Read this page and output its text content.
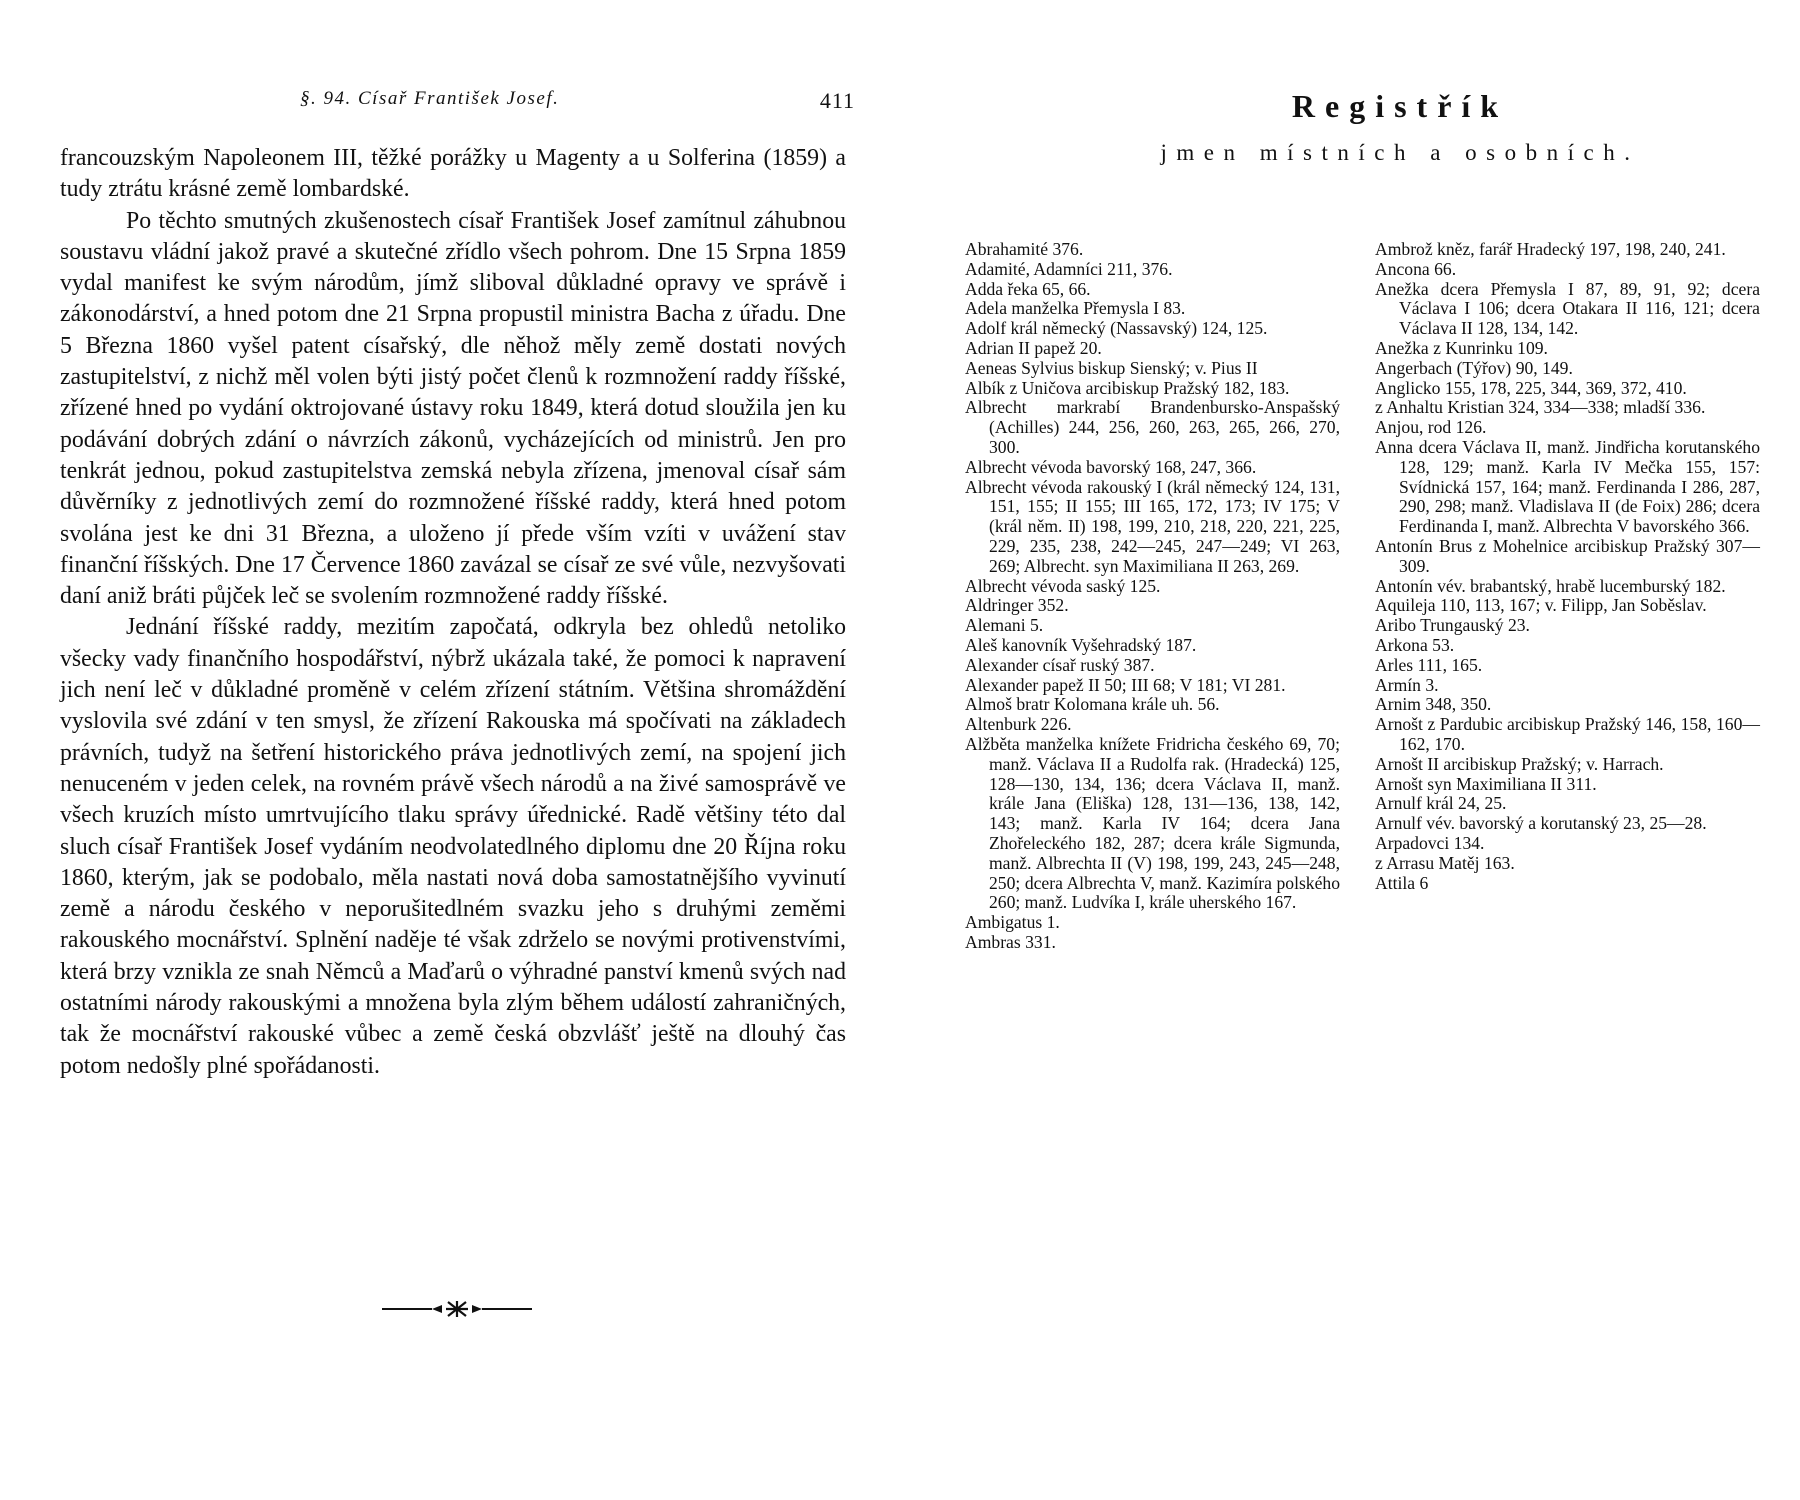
§. 94. Císař František Josef.	411

francouzským Napoleonem III, těžké porážky u Magenty a u Solferina (1859) a tudy ztrátu krásné země lombardské.

Po těchto smutných zkušenostech císař František Josef zamítnul záhubnou soustavu vládní jakož pravé a skutečné zřídlo všech pohrom. Dne 15 Srpna 1859 vydal manifest ke svým národům, jímž sliboval důkladné opravy ve správě i zákonodárství, a hned potom dne 21 Srpna propustil ministra Bacha z úřadu. Dne 5 Března 1860 vyšel patent císařský, dle něhož měly země dostati nových zastupitelství, z nichž měl volen býti jistý počet členů k rozmnožení raddy říšské, zřízené hned po vydání oktrojované ústavy roku 1849, která dotud sloužila jen ku podávání dobrých zdání o návrzích zákonů, vycházejících od ministrů. Jen pro tenkrát jednou, pokud zastupitelstva zemská nebyla zřízena, jmenoval císař sám důvěrníky z jednotlivých zemí do rozmnožené říšské raddy, která hned potom svolána jest ke dni 31 Března, a uloženo jí přede vším vzíti v uvážení stav finanční říšských. Dne 17 Července 1860 zavázal se císař ze své vůle, nezvyšovati daní aniž bráti půjček leč se svolením rozmnožené raddy říšské.

Jednání říšské raddy, mezitím započatá, odkryla bez ohledů netoliko všecky vady finančního hospodářství, nýbrž ukázala také, že pomoci k napravení jich není leč v důkladné proměně v celém zřízení státním. Většina shromáždění vyslovila své zdání v ten smysl, že zřízení Rakouska má spočívati na základech právních, tudyž na šetření historického práva jednotlivých zemí, na spojení jich nenuceném v jeden celek, na rovném právě všech národů a na živé samosprávě ve všech kruzích místo umrtvujícího tlaku správy úřednické. Radě většiny této dal sluch císař František Josef vydáním neodvolatedlného diplomu dne 20 Října roku 1860, kterým, jak se podobalo, měla nastati nová doba samostatnějšího vyvinutí země a národu českého v neporušitedlném svazku jeho s druhými zeměmi rakouského mocnářství. Splnění naděje té však zdrželo se novými protivenstvími, která brzy vznikla ze snah Němců a Maďarů o výhradné panství kmenů svých nad ostatními národy rakouskými a množena byla zlým během událostí zahraničných, tak že mocnářství rakouské vůbec a země česká obzvlášť ještě na dlouhý čas potom nedošly plné spořádanosti.

Registřík
jmen místních a osobních.
Abrahamité 376.
Adamité, Adamníci 211, 376.
Adda řeka 65, 66.
Adela manželka Přemysla I 83.
Adolf král německý (Nassavský) 124, 125.
Adrian II papež 20.
Aeneas Sylvius biskup Sienský; v. Pius II
Albík z Uničova arcibiskup Pražský 182, 183.
Albrecht markrabí Brandenbursko-Anspašský (Achilles) 244, 256, 260, 263, 265, 266, 270, 300.
Albrecht vévoda bavorský 168, 247, 366.
Albrecht vévoda rakouský I (král německý 124, 131, 151, 155; II 155; III 165, 172, 173; IV 175; V (král něm. II) 198, 199, 210, 218, 220, 221, 225, 229, 235, 238, 242—245, 247—249; VI 263, 269; Albrecht. syn Maximiliana II 263, 269.
Albrecht vévoda saský 125.
Aldringer 352.
Alemani 5.
Aleš kanovník Vyšehradský 187.
Alexander císař ruský 387.
Alexander papež II 50; III 68; V 181; VI 281.
Almoš bratr Kolomana krále uh. 56.
Altenburk 226.
Alžběta manželka knížete Fridricha českého 69, 70; manž. Václava II a Rudolfa rak. (Hradecká) 125, 128—130, 134, 136; dcera Václava II, manž. krále Jana (Eliška) 128, 131—136, 138, 142, 143; manž. Karla IV 164; dcera Jana Zhořeleckého 182, 287; dcera krále Sigmunda, manž. Albrechta II (V) 198, 199, 243, 245—248, 250; dcera Albrechta V, manž. Kazimíra polského 260; manž. Ludvíka I, krále uherského 167.
Ambigatus 1.
Ambras 331.
Ambrož kněz, farář Hradecký 197, 198, 240, 241.
Ancona 66.
Anežka dcera Přemysla I 87, 89, 91, 92; dcera Václava I 106; dcera Otakara II 116, 121; dcera Václava II 128, 134, 142.
Anežka z Kunrinku 109.
Angerbach (Týřov) 90, 149.
Anglicko 155, 178, 225, 344, 369, 372, 410.
z Anhaltu Kristian 324, 334—338; mladší 336.
Anjou, rod 126.
Anna dcera Václava II, manž. Jindřicha korutanského 128, 129; manž. Karla IV Mečka 155, 157: Svídnická 157, 164; manž. Ferdinanda I 286, 287, 290, 298; manž. Vladislava II (de Foix) 286; dcera Ferdinanda I, manž. Albrechta V bavorského 366.
Antonín Brus z Mohelnice arcibiskup Pražský 307—309.
Antonín vév. brabantský, hrabě lucemburský 182.
Aquileja 110, 113, 167; v. Filipp, Jan Soběslav.
Aribo Trungauský 23.
Arkona 53.
Arles 111, 165.
Armín 3.
Arnim 348, 350.
Arnošt z Pardubic arcibiskup Pražský 146, 158, 160—162, 170.
Arnošt II arcibiskup Pražský; v. Harrach.
Arnošt syn Maximiliana II 311.
Arnulf král 24, 25.
Arnulf vév. bavorský a korutanský 23, 25—28.
Arpadovci 134.
z Arrasu Matěj 163.
Attila 6
